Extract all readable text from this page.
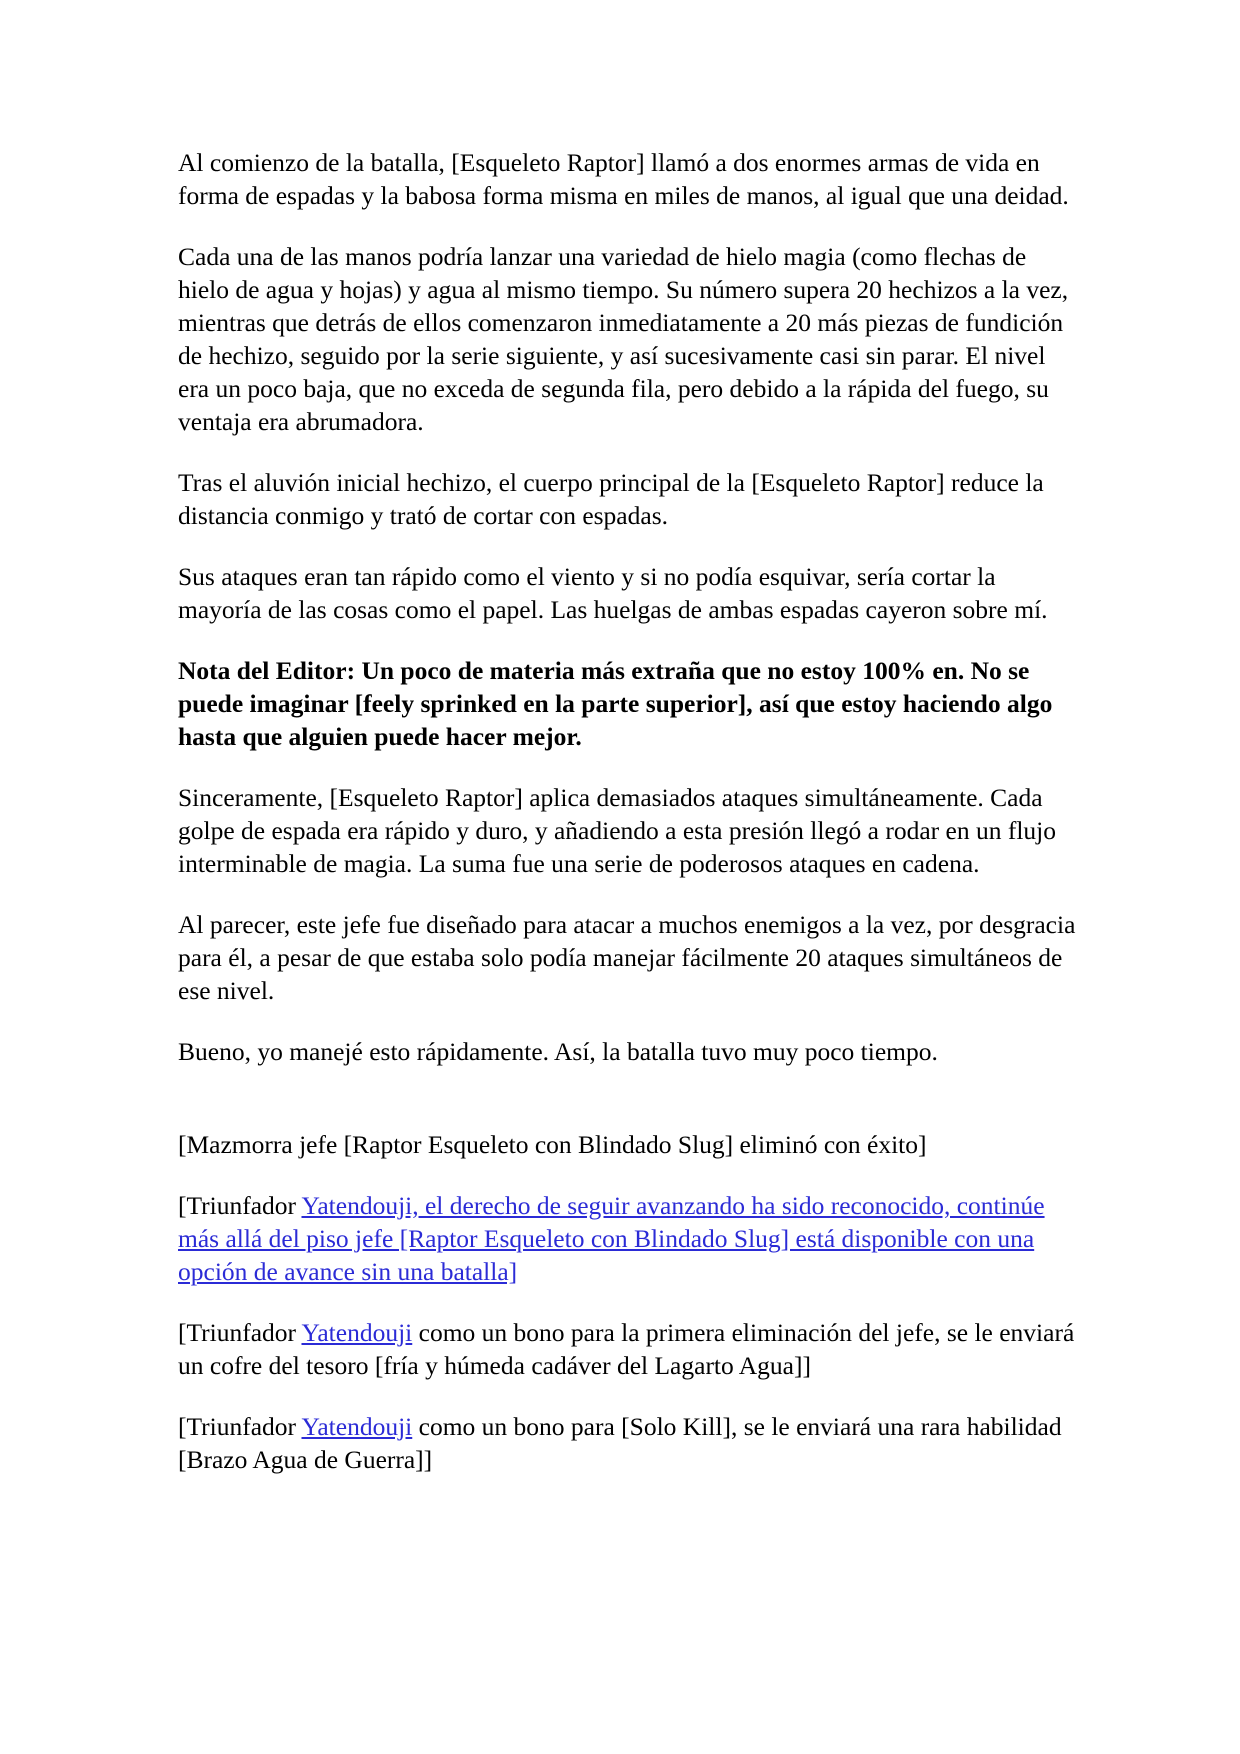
Al comienzo de la batalla, [Esqueleto Raptor] llamó a dos enormes armas de vida en forma de espadas y la babosa forma misma en miles de manos, al igual que una deidad.

Cada una de las manos podría lanzar una variedad de hielo magia (como flechas de hielo de agua y hojas) y agua al mismo tiempo. Su número supera 20 hechizos a la vez, mientras que detrás de ellos comenzaron inmediatamente a 20 más piezas de fundición de hechizo, seguido por la serie siguiente, y así sucesivamente casi sin parar. El nivel era un poco baja, que no exceda de segunda fila, pero debido a la rápida del fuego, su ventaja era abrumadora.

Tras el aluvión inicial hechizo, el cuerpo principal de la [Esqueleto Raptor] reduce la distancia conmigo y trató de cortar con espadas.

Sus ataques eran tan rápido como el viento y si no podía esquivar, sería cortar la mayoría de las cosas como el papel. Las huelgas de ambas espadas cayeron sobre mí.

Nota del Editor: Un poco de materia más extraña que no estoy 100% en. No se puede imaginar [feely sprinked en la parte superior], así que estoy haciendo algo hasta que alguien puede hacer mejor.

Sinceramente, [Esqueleto Raptor] aplica demasiados ataques simultáneamente. Cada golpe de espada era rápido y duro, y añadiendo a esta presión llegó a rodar en un flujo interminable de magia. La suma fue una serie de poderosos ataques en cadena.

Al parecer, este jefe fue diseñado para atacar a muchos enemigos a la vez, por desgracia para él, a pesar de que estaba solo podía manejar fácilmente 20 ataques simultáneos de ese nivel.

Bueno, yo manejé esto rápidamente. Así, la batalla tuvo muy poco tiempo.

[Mazmorra jefe [Raptor Esqueleto con Blindado Slug] eliminó con éxito]

[Triunfador Yatendouji, el derecho de seguir avanzando ha sido reconocido, continúe más allá del piso jefe [Raptor Esqueleto con Blindado Slug] está disponible con una opción de avance sin una batalla]

[Triunfador Yatendouji como un bono para la primera eliminación del jefe, se le enviará un cofre del tesoro [fría y húmeda cadáver del Lagarto Agua]]

[Triunfador Yatendouji como un bono para [Solo Kill], se le enviará una rara habilidad [Brazo Agua de Guerra]]
